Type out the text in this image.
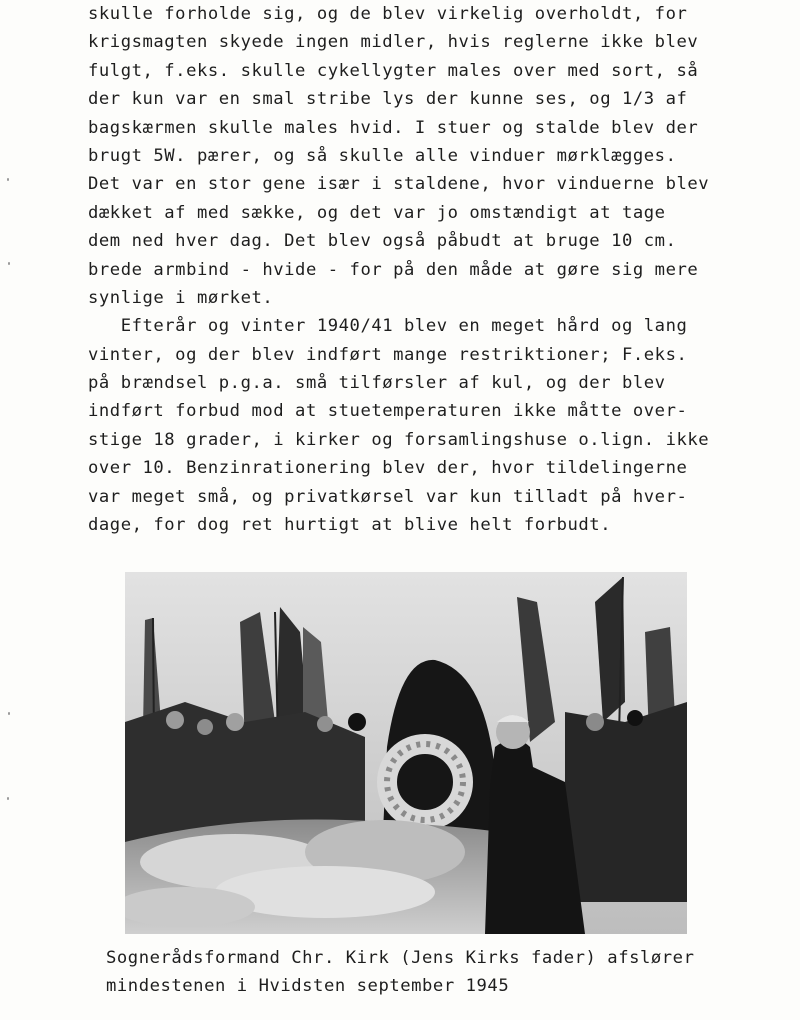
skulle forholde sig, og de blev virkelig overholdt, for
krigsmagten skyede ingen midler, hvis reglerne ikke blev
fulgt, f.eks. skulle cykellygter males over med sort, så
der kun var en smal stribe lys der kunne ses, og 1/3 af
bagskærmen skulle males hvid. I stuer og stalde blev der
brugt 5W. pærer, og så skulle alle vinduer mørklægges.
Det var en stor gene især i staldene, hvor vinduerne blev
dækket af med sække, og det var jo omstændigt at tage
dem ned hver dag. Det blev også påbudt at bruge 10 cm.
brede armbind - hvide - for på den måde at gøre sig mere
synlige i mørket.
Efterår og vinter 1940/41 blev en meget hård og lang
vinter, og der blev indført mange restriktioner; F.eks.
på brændsel p.g.a. små tilførsler af kul, og der blev
indført forbud mod at stuetemperaturen ikke måtte over-
stige 18 grader, i kirker og forsamlingshuse o.lign. ikke
over 10. Benzinrationering blev der, hvor tildelingerne
var meget små, og privatkørsel var kun tilladt på hver-
dage, for dog ret hurtigt at blive helt forbudt.
Sognerådsformand Chr. Kirk (Jens Kirks fader) afslører
mindestenen i Hvidsten september 1945
